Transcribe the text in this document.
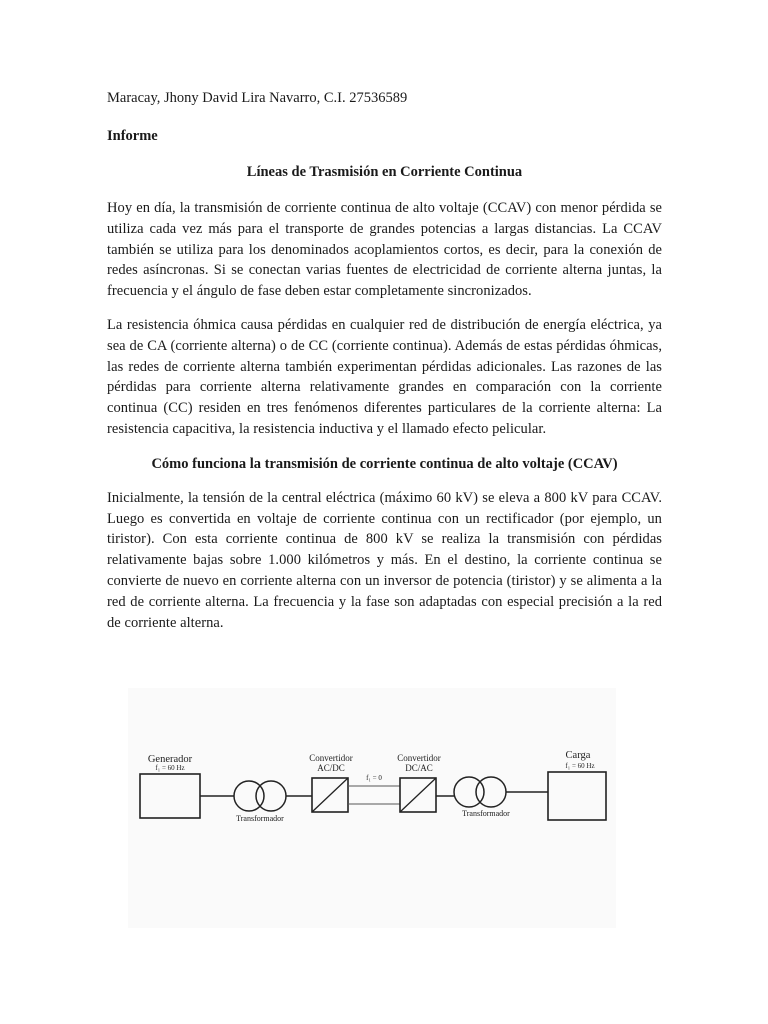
Maracay, Jhony David Lira Navarro, C.I. 27536589
Informe
Líneas de Trasmisión en Corriente Continua

Hoy en día, la transmisión de corriente continua de alto voltaje (CCAV) con menor pérdida se utiliza cada vez más para el transporte de grandes potencias a largas distancias. La CCAV también se utiliza para los denominados acoplamientos cortos, es decir, para la conexión de redes asíncronas. Si se conectan varias fuentes de electricidad de corriente alterna juntas, la frecuencia y el ángulo de fase deben estar completamente sincronizados.

La resistencia óhmica causa pérdidas en cualquier red de distribución de energía eléctrica, ya sea de CA (corriente alterna) o de CC (corriente continua). Además de estas pérdidas óhmicas, las redes de corriente alterna también experimentan pérdidas adicionales. Las razones de las pérdidas para corriente alterna relativamente grandes en comparación con la corriente continua (CC) residen en tres fenómenos diferentes particulares de la corriente alterna: La resistencia capacitiva, la resistencia inductiva y el llamado efecto pelicular.

Cómo funciona la transmisión de corriente continua de alto voltaje (CCAV)

Inicialmente, la tensión de la central eléctrica (máximo 60 kV) se eleva a 800 kV para CCAV. Luego es convertida en voltaje de corriente continua con un rectificador (por ejemplo, un tiristor). Con esta corriente continua de 800 kV se realiza la transmisión con pérdidas relativamente bajas sobre 1.000 kilómetros y más. En el destino, la corriente continua se convierte de nuevo en corriente alterna con un inversor de potencia (tiristor) y se alimenta a la red de corriente alterna. La frecuencia y la fase son adaptadas con especial precisión a la red de corriente alterna.

Generador
f₁ = 60 Hz
Transformador
Convertidor
AC/DC
f₁ = 0
Convertidor
DC/AC
Transformador
Carga
f₁ = 60 Hz
